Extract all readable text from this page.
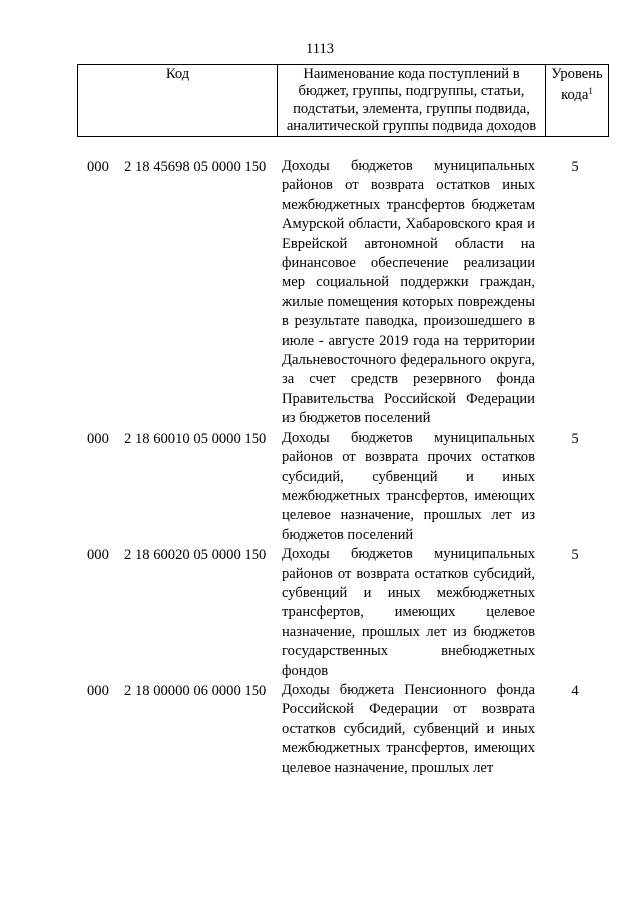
1113
Код	Наименование кода поступлений в бюджет, группы, подгруппы, статьи, подстатьи, элемента, группы подвида, аналитической группы подвида доходов
Уровень кода$^1$
000 2 18 45698 05 0000 150 Доходы бюджетов муниципальных районов от возврата остатков иных межбюджетных трансфертов бюджетам Амурской области, Хабаровского края и Еврейской автономной области на финансовое обеспечение реализации мер социальной поддержки граждан, жилые помещения которых повреждены в результате паводка, произошедшего в июле - августе 2019 года на территории Дальневосточного федерального округа, за счет средств резервного фонда Правительства Российской Федерации из бюджетов поселений
5
000 2 18 60010 05 0000 150 Доходы бюджетов муниципальных районов от возврата прочих остатков субсидий, субвенций и иных межбюджетных трансфертов, имеющих целевое назначение, прошлых лет из бюджетов поселений
5
000 2 18 60020 05 0000 150 Доходы бюджетов муниципальных районов от возврата остатков субсидий, субвенций и иных межбюджетных трансфертов, имеющих целевое назначение, прошлых лет из бюджетов государственных внебюджетных фондов
5
000 2 18 00000 06 0000 150 Доходы бюджета Пенсионного фонда Российской Федерации от возврата остатков субсидий, субвенций и иных межбюджетных трансфертов, имеющих целевое назначение, прошлых лет
4
